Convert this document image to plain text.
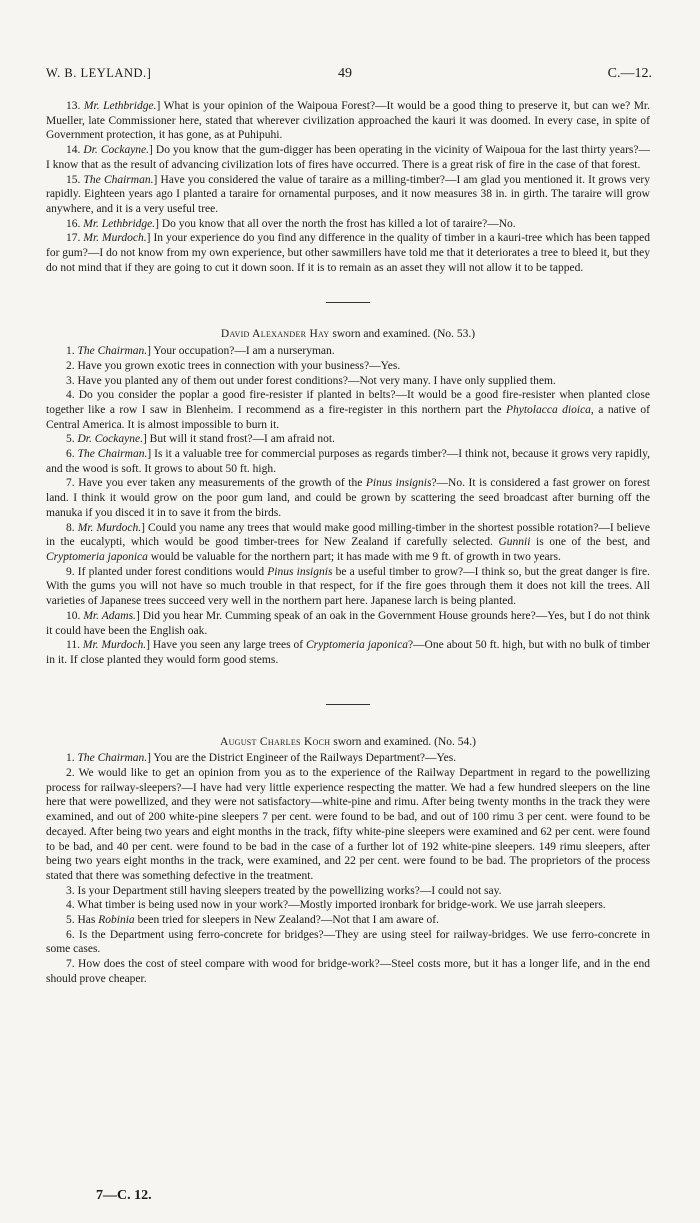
W. B. LEYLAND.]	49	C.—12.

13. Mr. Lethbridge.] What is your opinion of the Waipoua Forest?—It would be a good thing to preserve it, but can we? Mr. Mueller, late Commissioner here, stated that wherever civilization approached the kauri it was doomed. In every case, in spite of Government protection, it has gone, as at Puhipuhi.

14. Dr. Cockayne.] Do you know that the gum-digger has been operating in the vicinity of Waipoua for the last thirty years?—I know that as the result of advancing civilization lots of fires have occurred. There is a great risk of fire in the case of that forest.

15. The Chairman.] Have you considered the value of taraire as a milling-timber?—I am glad you mentioned it. It grows very rapidly. Eighteen years ago I planted a taraire for ornamental purposes, and it now measures 38 in. in girth. The taraire will grow anywhere, and it is a very useful tree.

16. Mr. Lethbridge.] Do you know that all over the north the frost has killed a lot of taraire?—No.

17. Mr. Murdoch.] In your experience do you find any difference in the quality of timber in a kauri-tree which has been tapped for gum?—I do not know from my own experience, but other sawmillers have told me that it deteriorates a tree to bleed it, but they do not mind that if they are going to cut it down soon. If it is to remain as an asset they will not allow it to be tapped.

David Alexander Hay sworn and examined. (No. 53.)

1. The Chairman.] Your occupation?—I am a nurseryman.

2. Have you grown exotic trees in connection with your business?—Yes.

3. Have you planted any of them out under forest conditions?—Not very many. I have only supplied them.

4. Do you consider the poplar a good fire-resister if planted in belts?—It would be a good fire-resister when planted close together like a row I saw in Blenheim. I recommend as a fire-register in this northern part the Phytolacca dioica, a native of Central America. It is almost impossible to burn it.

5. Dr. Cockayne.] But will it stand frost?—I am afraid not.

6. The Chairman.] Is it a valuable tree for commercial purposes as regards timber?—I think not, because it grows very rapidly, and the wood is soft. It grows to about 50 ft. high.

7. Have you ever taken any measurements of the growth of the Pinus insignis?—No. It is considered a fast grower on forest land. I think it would grow on the poor gum land, and could be grown by scattering the seed broadcast after burning off the manuka if you disced it in to save it from the birds.

8. Mr. Murdoch.] Could you name any trees that would make good milling-timber in the shortest possible rotation?—I believe in the eucalypti, which would be good timber-trees for New Zealand if carefully selected. Gunnii is one of the best, and Cryptomeria japonica would be valuable for the northern part; it has made with me 9 ft. of growth in two years.

9. If planted under forest conditions would Pinus insignis be a useful timber to grow?—I think so, but the great danger is fire. With the gums you will not have so much trouble in that respect, for if the fire goes through them it does not kill the trees. All varieties of Japanese trees succeed very well in the northern part here. Japanese larch is being planted.

10. Mr. Adams.] Did you hear Mr. Cumming speak of an oak in the Government House grounds here?—Yes, but I do not think it could have been the English oak.

11. Mr. Murdoch.] Have you seen any large trees of Cryptomeria japonica?—One about 50 ft. high, but with no bulk of timber in it. If close planted they would form good stems.

August Charles Koch sworn and examined. (No. 54.)

1. The Chairman.] You are the District Engineer of the Railways Department?—Yes.

2. We would like to get an opinion from you as to the experience of the Railway Department in regard to the powellizing process for railway-sleepers?—I have had very little experience respecting the matter. We had a few hundred sleepers on the line here that were powellized, and they were not satisfactory—white-pine and rimu. After being twenty months in the track they were examined, and out of 200 white-pine sleepers 7 per cent. were found to be bad, and out of 100 rimu 3 per cent. were found to be decayed. After being two years and eight months in the track, fifty white-pine sleepers were examined and 62 per cent. were found to be bad, and 40 per cent. were found to be bad in the case of a further lot of 192 white-pine sleepers. 149 rimu sleepers, after being two years eight months in the track, were examined, and 22 per cent. were found to be bad. The proprietors of the process stated that there was something defective in the treatment.

3. Is your Department still having sleepers treated by the powellizing works?—I could not say.

4. What timber is being used now in your work?—Mostly imported ironbark for bridge-work. We use jarrah sleepers.

5. Has Robinia been tried for sleepers in New Zealand?—Not that I am aware of.

6. Is the Department using ferro-concrete for bridges?—They are using steel for railway-bridges. We use ferro-concrete in some cases.

7. How does the cost of steel compare with wood for bridge-work?—Steel costs more, but it has a longer life, and in the end should prove cheaper.

7—C. 12.
